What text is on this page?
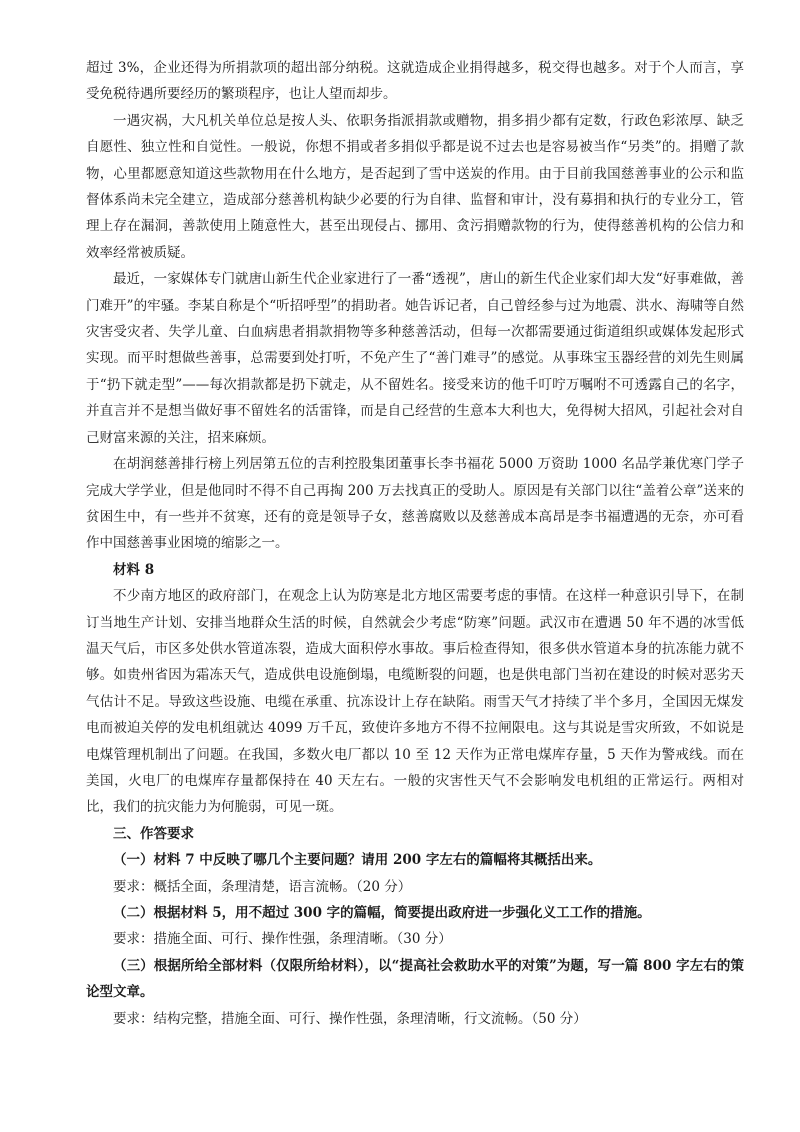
超过 3%，企业还得为所捐款项的超出部分纳税。这就造成企业捐得越多，税交得也越多。对于个人而言，享受免税待遇所要经历的繁琐程序，也让人望而却步。

一遇灾祸，大凡机关单位总是按人头、依职务指派捐款或赠物，捐多捐少都有定数，行政色彩浓厚、缺乏自愿性、独立性和自觉性。一般说，你想不捐或者多捐似乎都是说不过去也是容易被当作“另类”的。捐赠了款物，心里都愿意知道这些款物用在什么地方，是否起到了雪中送炭的作用。由于目前我国慈善事业的公示和监督体系尚未完全建立，造成部分慈善机构缺少必要的行为自律、监督和审计，没有募捐和执行的专业分工，管理上存在漏洞，善款使用上随意性大，甚至出现侵占、挪用、贪污捐赠款物的行为，使得慈善机构的公信力和效率经常被质疑。

最近，一家媒体专门就唐山新生代企业家进行了一番“透视”，唐山的新生代企业家们却大发“好事难做，善门难开”的牢骚。李某自称是个“听招呼型”的捐助者。她告诉记者，自己曾经参与过为地震、洪水、海啸等自然灾害受灾者、失学儿童、白血病患者捐款捐物等多种慈善活动，但每一次都需要通过街道组织或媒体发起形式实现。而平时想做些善事，总需要到处打听，不免产生了“善门难寻”的感觉。从事珠宝玉器经营的刘先生则属于“扔下就走型”——每次捐款都是扔下就走，从不留姓名。接受来访的他千叮咛万嘱咐不可透露自己的名字，并直言并不是想当做好事不留姓名的活雷锋，而是自己经营的生意本大利也大，免得树大招风，引起社会对自己财富来源的关注，招来麻烦。

在胡润慈善排行榜上列居第五位的吉利控股集团董事长李书福花 5000 万资助 1000 名品学兼优寒门学子完成大学学业，但是他同时不得不自己再掏 200 万去找真正的受助人。原因是有关部门以往“盖着公章”送来的贫困生中，有一些并不贫寒，还有的竟是领导子女，慈善腐败以及慈善成本高昂是李书福遭遇的无奈，亦可看作中国慈善事业困境的缩影之一。

材料 8

不少南方地区的政府部门，在观念上认为防寒是北方地区需要考虑的事情。在这样一种意识引导下，在制订当地生产计划、安排当地群众生活的时候，自然就会少考虑“防寒”问题。武汉市在遭遇 50 年不遇的冰雪低温天气后，市区多处供水管道冻裂，造成大面积停水事故。事后检查得知，很多供水管道本身的抗冻能力就不够。如贵州省因为霜冻天气，造成供电设施倒塌，电缆断裂的问题，也是供电部门当初在建设的时候对恶劣天气估计不足。导致这些设施、电缆在承重、抗冻设计上存在缺陷。雨雪天气才持续了半个多月，全国因无煤发电而被迫关停的发电机组就达 4099 万千瓦，致使许多地方不得不拉闸限电。这与其说是雪灾所致，不如说是电煤管理机制出了问题。在我国，多数火电厂都以 10 至 12 天作为正常电煤库存量，5 天作为警戒线。而在美国，火电厂的电煤库存量都保持在 40 天左右。一般的灾害性天气不会影响发电机组的正常运行。两相对比，我们的抗灾能力为何脆弱，可见一斑。

三、作答要求

（一）材料 7 中反映了哪几个主要问题？请用 200 字左右的篇幅将其概括出来。

要求：概括全面，条理清楚，语言流畅。（20 分）

（二）根据材料 5，用不超过 300 字的篇幅，简要提出政府进一步强化义工工作的措施。

要求：措施全面、可行、操作性强，条理清晰。（30 分）

（三）根据所给全部材料（仅限所给材料），以“提高社会救助水平的对策”为题，写一篇 800 字左右的策论型文章。

要求：结构完整，措施全面、可行、操作性强，条理清晰，行文流畅。（50 分）
